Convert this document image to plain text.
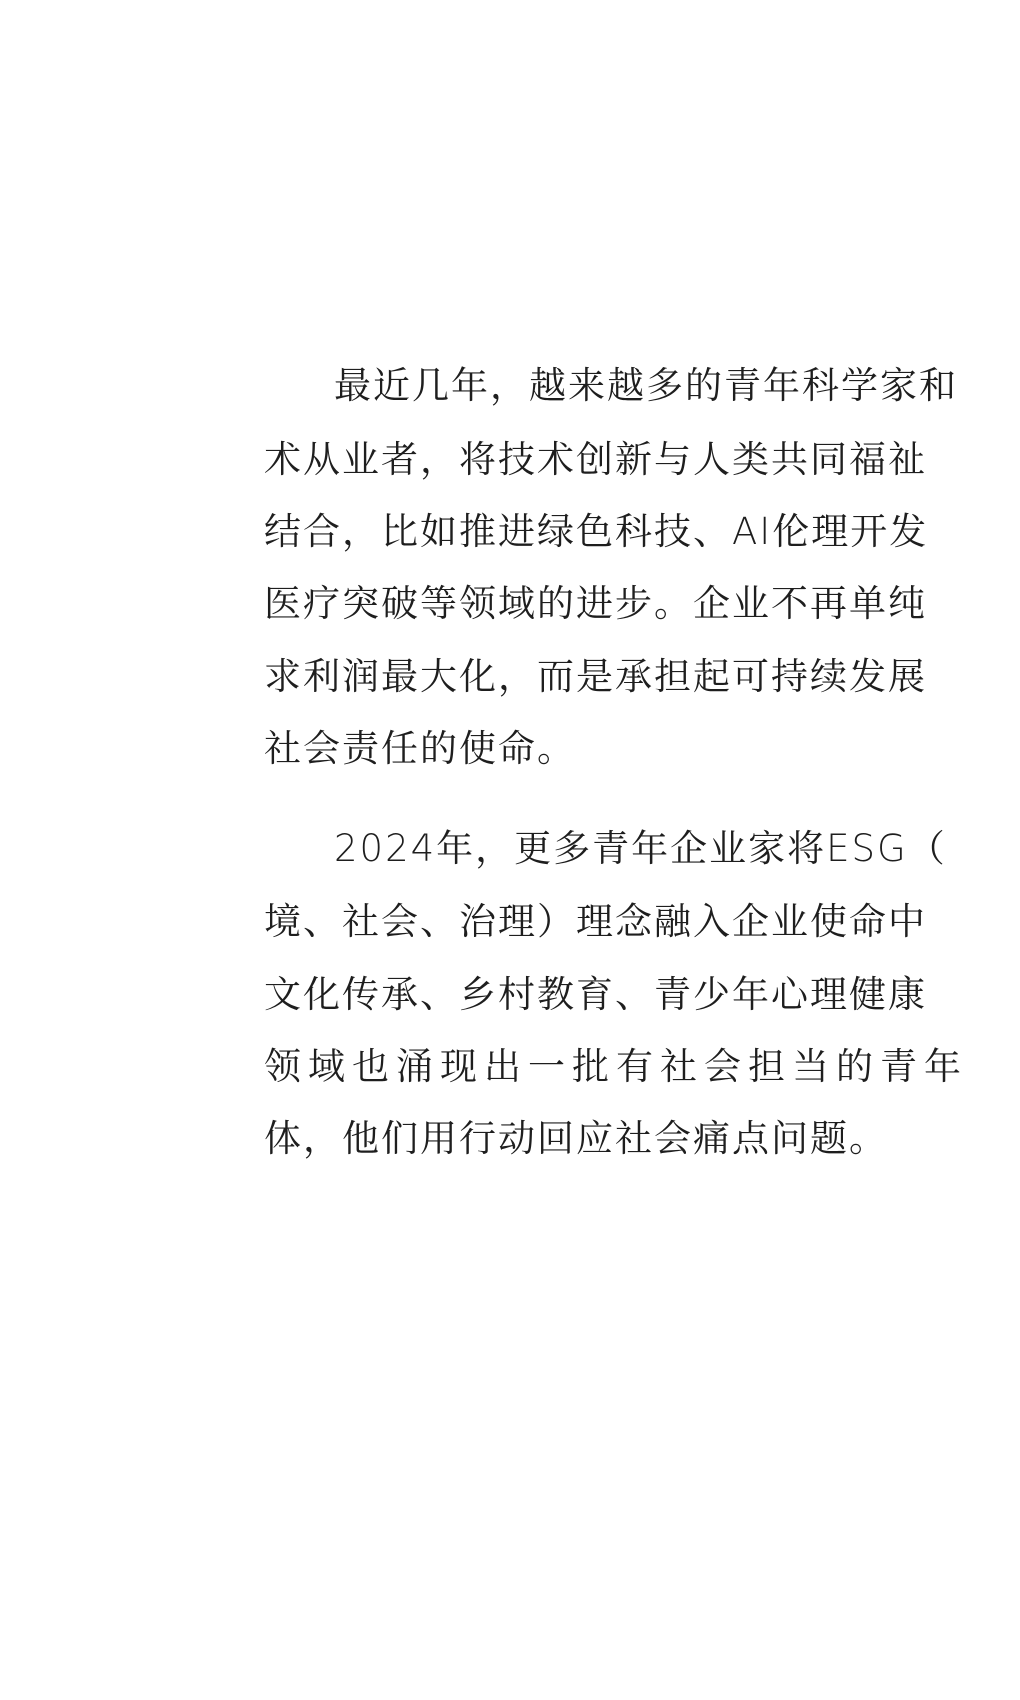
最近几年，越来越多的青年科学家和
术从业者，将技术创新与人类共同福祉
结合，比如推进绿色科技、AI伦理开发
医疗突破等领域的进步。企业不再单纯
求利润最大化，而是承担起可持续发展
社会责任的使命。
2024年，更多青年企业家将ESG（
境、社会、治理）理念融入企业使命中
文化传承、乡村教育、青少年心理健康
领域也涌现出一批有社会担当的青年
体，他们用行动回应社会痛点问题。
